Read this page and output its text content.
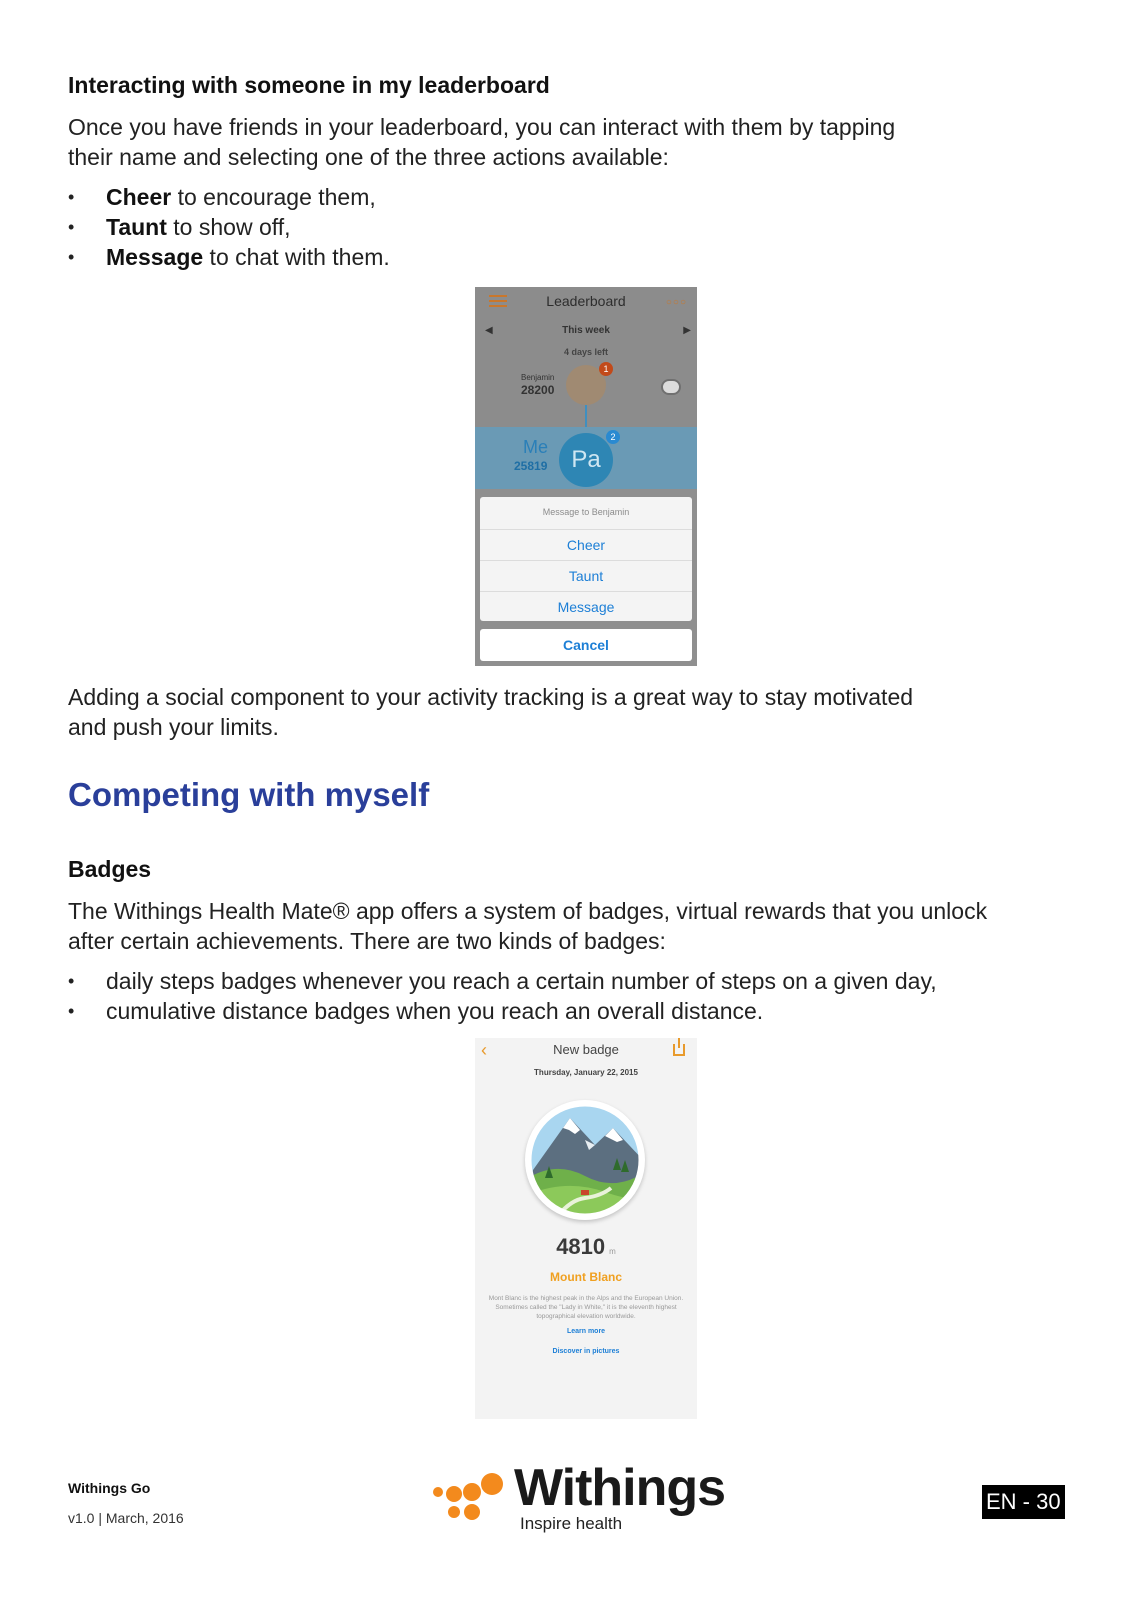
Interacting with someone in my leaderboard

Once you have friends in your leaderboard, you can interact with them by tapping
their name and selecting one of the three actions available:

• Cheer to encourage them,
• Taunt to show off,
• Message to chat with them.
Leaderboard	○○○
◀	This week	▶
4 days left
Benjamin
28200
1
Me
25819 Pa
2
Message to Benjamin
Cheer
Taunt
Message
Cancel

Adding a social component to your activity tracking is a great way to stay motivated
and push your limits.

Competing with myself
Badges

The Withings Health Mate® app offers a system of badges, virtual rewards that you unlock
after certain achievements. There are two kinds of badges:

• daily steps badges whenever you reach a certain number of steps on a given day,
• cumulative distance badges when you reach an overall distance.
‹	New badge
Thursday, January 22, 2015
4810 m
Mount Blanc
Mont Blanc is the highest peak in the Alps and the European Union. Sometimes called the "Lady in White," it is the eleventh highest topographical elevation worldwide.
Learn more
Discover in pictures
Withings Go
v1.0 | March, 2016
Withings
Inspire health
EN - 30
